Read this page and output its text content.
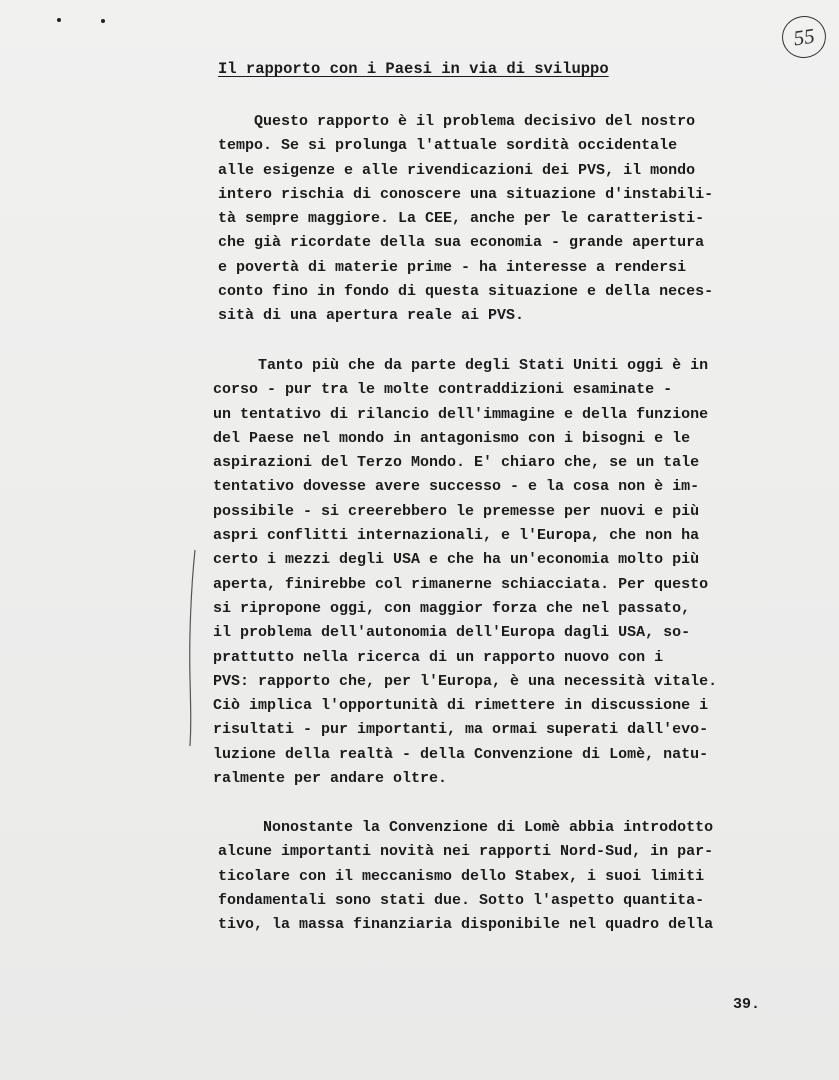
55
Il rapporto con i Paesi in via di sviluppo
Questo rapporto è il problema decisivo del nostro
tempo. Se si prolunga l'attuale sordità occidentale
alle esigenze e alle rivendicazioni dei PVS, il mondo
intero rischia di conoscere una situazione d'instabili-
tà sempre maggiore. La CEE, anche per le caratteristi-
che già ricordate della sua economia - grande apertura
e povertà di materie prime - ha interesse a rendersi
conto fino in fondo di questa situazione e della neces-
sità di una apertura reale ai PVS.
Tanto più che da parte degli Stati Uniti oggi è in
corso - pur tra le molte contraddizioni esaminate -
un tentativo di rilancio dell'immagine e della funzione
del Paese nel mondo in antagonismo con i bisogni e le
aspirazioni del Terzo Mondo. E' chiaro che, se un tale
tentativo dovesse avere successo - e la cosa non è im-
possibile - si creerebbero le premesse per nuovi e più
aspri conflitti internazionali, e l'Europa, che non ha
certo i mezzi degli USA e che ha un'economia molto più
aperta, finirebbe col rimanerne schiacciata. Per questo
si ripropone oggi, con maggior forza che nel passato,
il problema dell'autonomia dell'Europa dagli USA, so-
prattutto nella ricerca di un rapporto nuovo con i
PVS: rapporto che, per l'Europa, è una necessità vitale.
Ciò implica l'opportunità di rimettere in discussione i
risultati - pur importanti, ma ormai superati dall'evo-
luzione della realtà - della Convenzione di Lomè, natu-
ralmente per andare oltre.
Nonostante la Convenzione di Lomè abbia introdotto
alcune importanti novità nei rapporti Nord-Sud, in par-
ticolare con il meccanismo dello Stabex, i suoi limiti
fondamentali sono stati due. Sotto l'aspetto quantita-
tivo, la massa finanziaria disponibile nel quadro della
39.
